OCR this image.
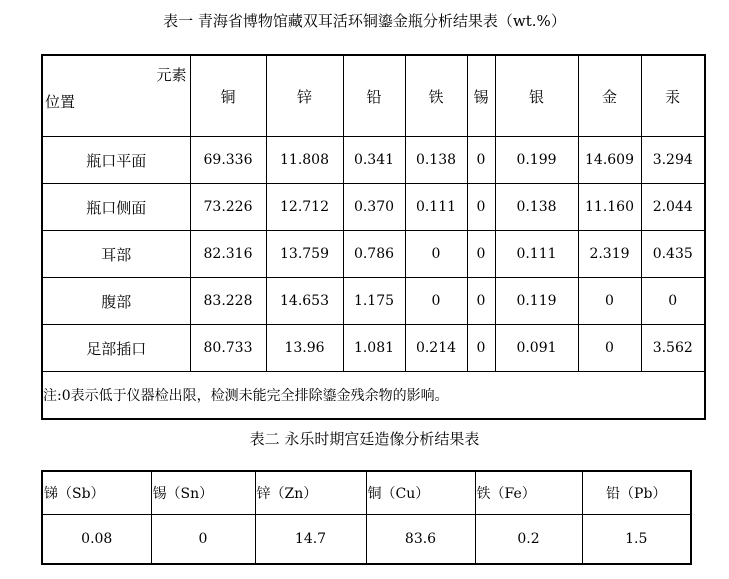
表一 青海省博物馆藏双耳活环铜鎏金瓶分析结果表（wt.%）
元素
位置	铜	锌	铅	铁	锡	银	金	汞
瓶口平面	69.336	11.808	0.341	0.138	0	0.199	14.609	3.294
瓶口侧面	73.226	12.712	0.370	0.111	0	0.138	11.160	2.044
耳部	82.316	13.759	0.786	0	0	0.111	2.319	0.435
腹部	83.228	14.653	1.175	0	0	0.119	0	0
足部插口	80.733	13.96	1.081	0.214	0	0.091	0	3.562
注:0表示低于仪器检出限，检测未能完全排除鎏金残余物的影响。								
表二 永乐时期宫廷造像分析结果表
锑（Sb）	锡（Sn）	锌（Zn）	铜（Cu）	铁（Fe）	铅（Pb）
0.08	0	14.7	83.6	0.2	1.5
